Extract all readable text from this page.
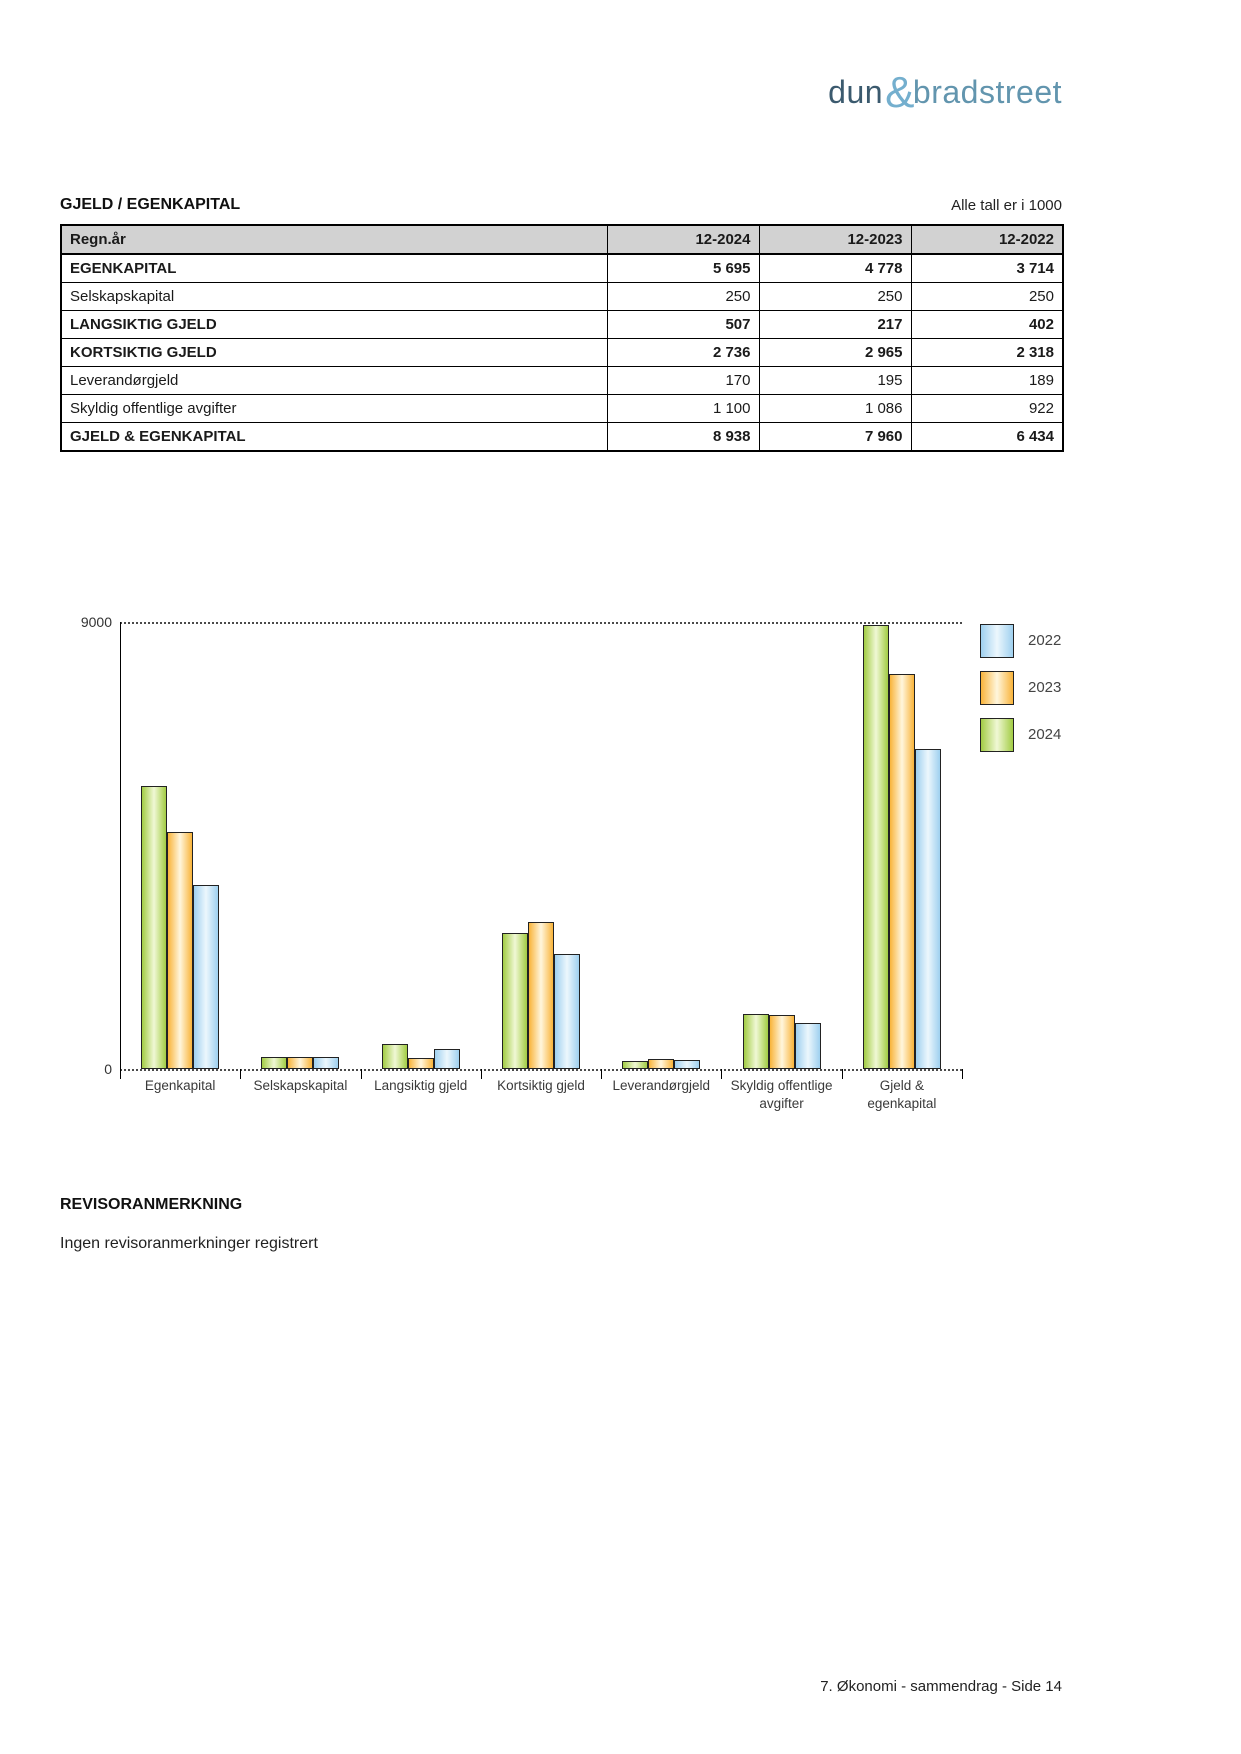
dun&bradstreet
GJELD / EGENKAPITAL	Alle tall er i 1000
Regn.år	12-2024	12-2023	12-2022
EGENKAPITAL	5 695	4 778	3 714
Selskapskapital	250	250	250
LANGSIKTIG GJELD	507	217	402
KORTSIKTIG GJELD	2 736	2 965	2 318
Leverandørgjeld	170	195	189
Skyldig offentlige avgifter	1 100	1 086	922
GJELD & EGENKAPITAL	8 938	7 960	6 434
0
9000
Egenkapital	Selskapskapital	Langsiktig gjeld	Kortsiktig gjeld	Leverandørgjeld	Skyldig offentlige avgifter
Gjeld & egenkapital
2022
2023
2024
REVISORANMERKNING
Ingen revisoranmerkninger registrert
7. Økonomi - sammendrag - Side 14
